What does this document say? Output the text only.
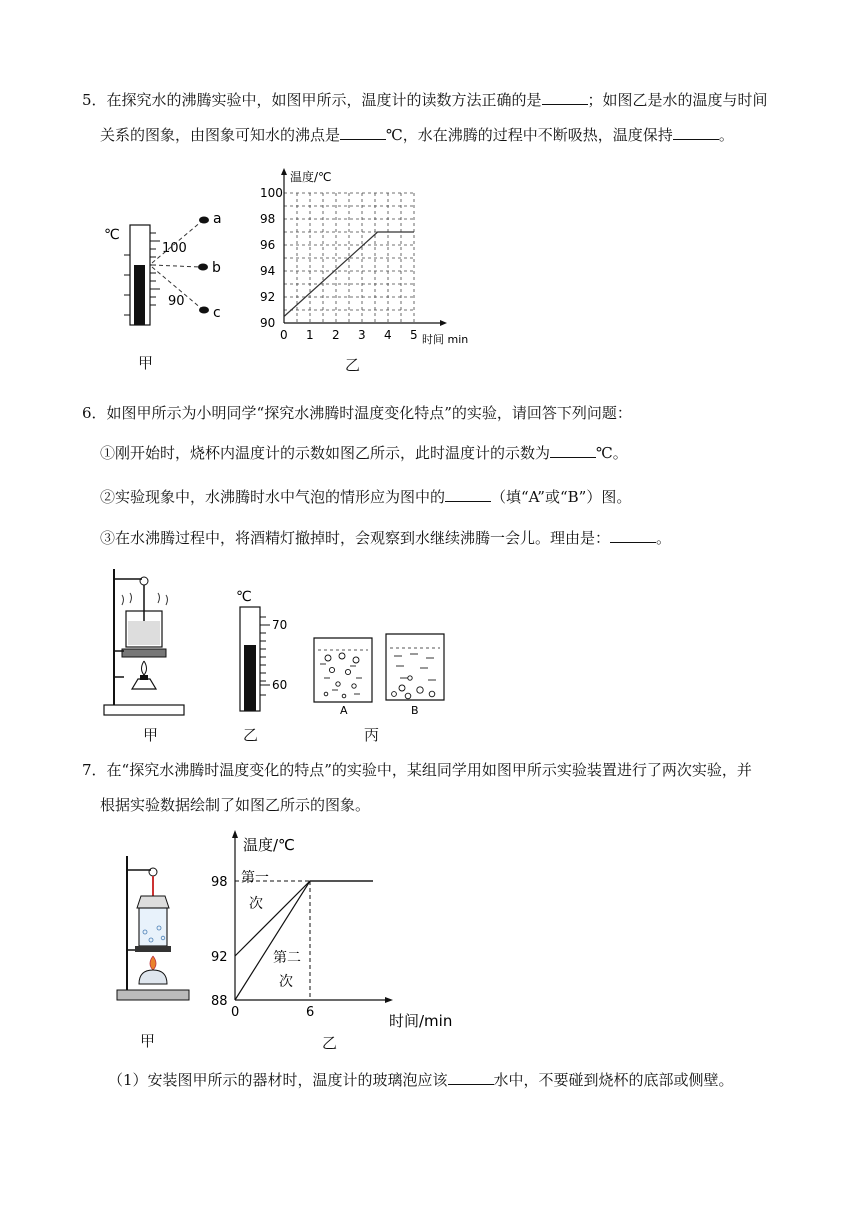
5．在探究水的沸腾实验中，如图甲所示，温度计的读数方法正确的是	；如图乙是水的温度与时间
关系的图象，由图象可知水的沸点是	℃，水在沸腾的过程中不断吸热，温度保持	。
℃
100
90
a
b
c
甲
温度/℃
时间 min
0 1 2 3 4 5
90
92
94
96
98
100
乙
6．如图甲所示为小明同学“探究水沸腾时温度变化特点”的实验，请回答下列问题：
①刚开始时，烧杯内温度计的示数如图乙所示，此时温度计的示数为	℃。
②实验现象中，水沸腾时水中气泡的情形应为图中的	（填“A”或“B”）图。
③在水沸腾过程中，将酒精灯撤掉时，会观察到水继续沸腾一会儿。理由是：	。
甲
℃
70
60
乙
A	B
丙
7．在“探究水沸腾时温度变化的特点”的实验中，某组同学用如图甲所示实验装置进行了两次实验，并
根据实验数据绘制了如图乙所示的图象。
甲
温度/℃
时间/min
88
92
98
0	6
第一
次
第二
次
乙
（1）安装图甲所示的器材时，温度计的玻璃泡应该	水中，不要碰到烧杯的底部或侧壁。
